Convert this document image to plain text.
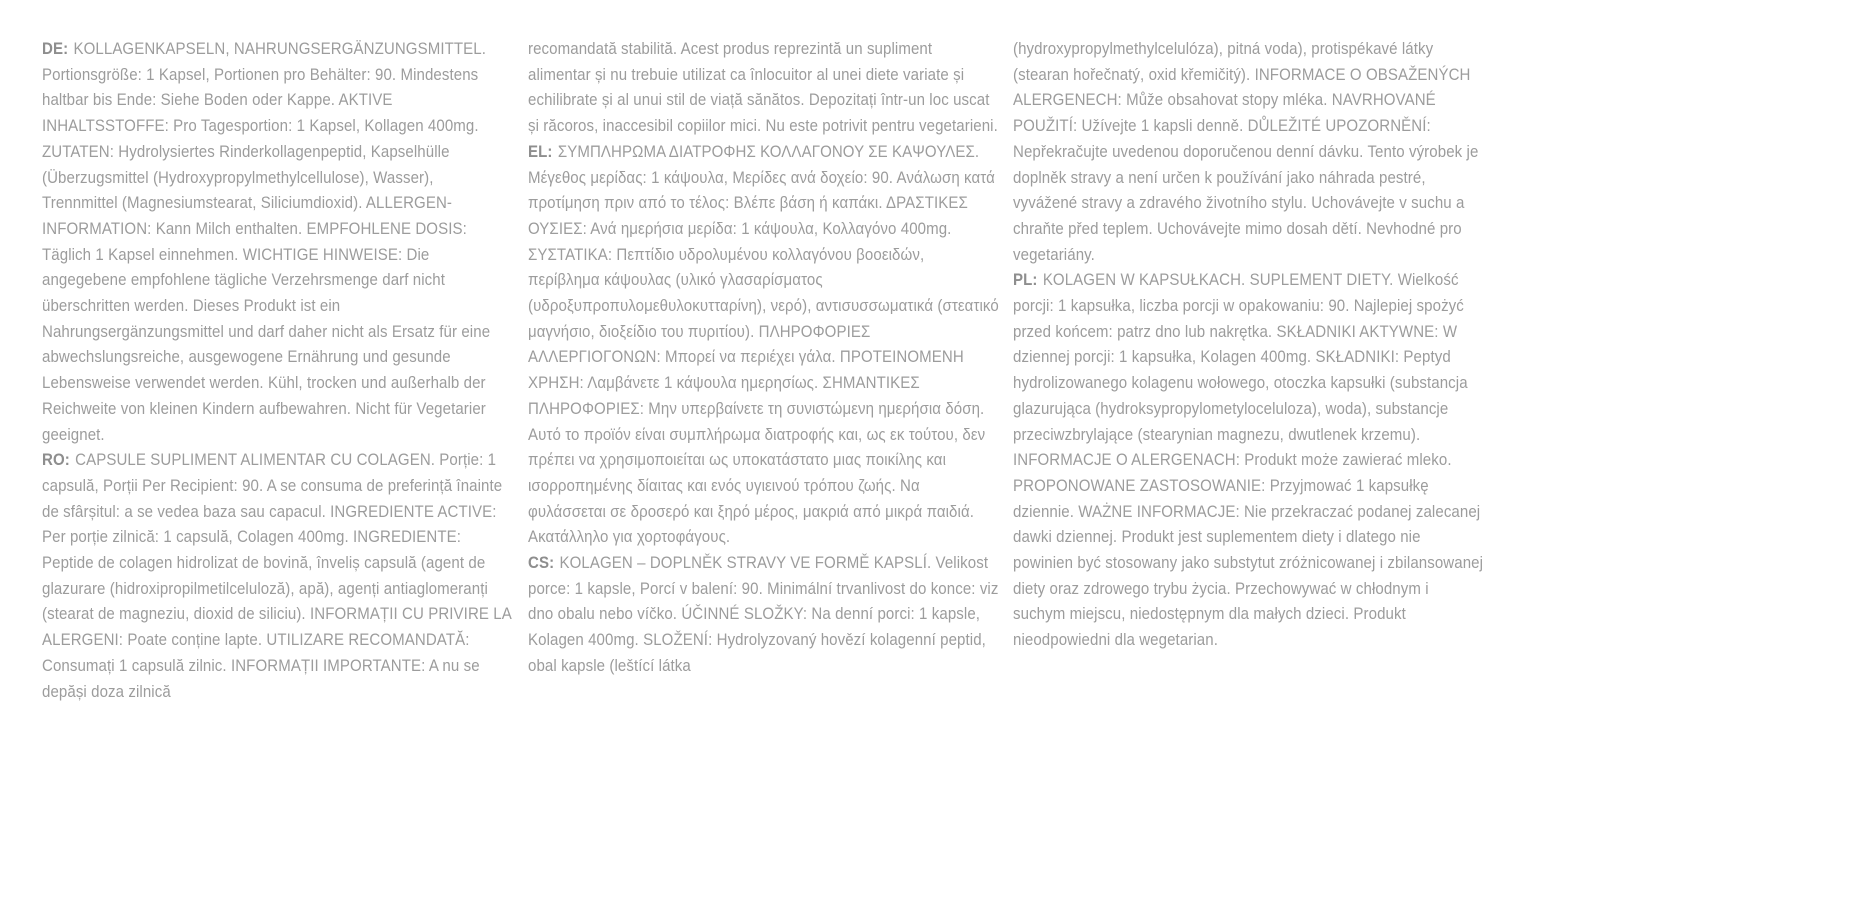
DE: KOLLAGENKAPSELN, NAHRUNGSERGÄNZUNGSMITTEL. Portionsgröße: 1 Kapsel, Portionen pro Behälter: 90. Mindestens haltbar bis Ende: Siehe Boden oder Kappe. AKTIVE INHALTSSTOFFE: Pro Tagesportion: 1 Kapsel, Kollagen 400mg. ZUTATEN: Hydrolysiertes Rinderkollagenpeptid, Kapselhülle (Überzugsmittel (Hydroxypropylmethylcellulose), Wasser), Trennmittel (Magnesiumstearat, Siliciumdioxid). ALLERGEN-INFORMATION: Kann Milch enthalten. EMPFOHLENE DOSIS: Täglich 1 Kapsel einnehmen. WICHTIGE HINWEISE: Die angegebene empfohlene tägliche Verzehrsmenge darf nicht überschritten werden. Dieses Produkt ist ein Nahrungsergänzungsmittel und darf daher nicht als Ersatz für eine abwechslungsreiche, ausgewogene Ernährung und gesunde Lebensweise verwendet werden. Kühl, trocken und außerhalb der Reichweite von kleinen Kindern aufbewahren. Nicht für Vegetarier geeignet.

RO: CAPSULE SUPLIMENT ALIMENTAR CU COLAGEN. Porție: 1 capsulă, Porții Per Recipient: 90. A se consuma de preferință înainte de sfârșitul: a se vedea baza sau capacul. INGREDIENTE ACTIVE: Per porție zilnică: 1 capsulă, Colagen 400mg. INGREDIENTE: Peptide de colagen hidrolizat de bovină, înveliș capsulă (agent de glazurare (hidroxipropilmetilceluloză), apă), agenți antiaglomeranți (stearat de magneziu, dioxid de siliciu). INFORMAȚII CU PRIVIRE LA ALERGENI: Poate conține lapte. UTILIZARE RECOMANDATĂ: Consumați 1 capsulă zilnic. INFORMAȚII IMPORTANTE: A nu se depăși doza zilnică

recomandată stabilită. Acest produs reprezintă un supliment alimentar și nu trebuie utilizat ca înlocuitor al unei diete variate și echilibrate și al unui stil de viață sănătos. Depozitați într-un loc uscat și răcoros, inaccesibil copiilor mici. Nu este potrivit pentru vegetarieni.

EL: ΣΥΜΠΛΗΡΩΜΑ ΔΙΑΤΡΟΦΗΣ ΚΟΛΛΑΓΟΝΟΥ ΣΕ ΚΑΨΟΥΛΕΣ. Μέγεθος μερίδας: 1 κάψουλα, Μερίδες ανά δοχείο: 90. Ανάλωση κατά προτίμηση πριν από το τέλος: Βλέπε βάση ή καπάκι. ΔΡΑΣΤΙΚΕΣ ΟΥΣΙΕΣ: Ανά ημερήσια μερίδα: 1 κάψουλα, Κολλαγόνο 400mg. ΣΥΣΤΑΤΙΚΑ: Πεπτίδιο υδρολυμένου κολλαγόνου βοοειδών, περίβλημα κάψουλας (υλικό γλασαρίσματος (υδροξυπροπυλομεθυλοκυτταρίνη), νερό), αντισυσσωματικά (στεατικό μαγνήσιο, διοξείδιο του πυριτίου). ΠΛΗΡΟΦΟΡΙΕΣ ΑΛΛΕΡΓΙΟΓΟΝΩΝ: Μπορεί να περιέχει γάλα. ΠΡΟΤΕΙΝΟΜΕΝΗ ΧΡΗΣΗ: Λαμβάνετε 1 κάψουλα ημερησίως. ΣΗΜΑΝΤΙΚΕΣ ΠΛΗΡΟΦΟΡΙΕΣ: Μην υπερβαίνετε τη συνιστώμενη ημερήσια δόση. Αυτό το προϊόν είναι συμπλήρωμα διατροφής και, ως εκ τούτου, δεν πρέπει να χρησιμοποιείται ως υποκατάστατο μιας ποικίλης και ισορροπημένης δίαιτας και ενός υγιεινού τρόπου ζωής. Να φυλάσσεται σε δροσερό και ξηρό μέρος, μακριά από μικρά παιδιά. Ακατάλληλο για χορτοφάγους.

CS: KOLAGEN – DOPLNĚK STRAVY VE FORMĚ KAPSLÍ. Velikost porce: 1 kapsle, Porcí v balení: 90. Minimální trvanlivost do konce: viz dno obalu nebo víčko. ÚČINNÉ SLOŽKY: Na denní porci: 1 kapsle, Kolagen 400mg. SLOŽENÍ: Hydrolyzovaný hovězí kolagenní peptid, obal kapsle (leštící látka

(hydroxypropylmethylcelulóza), pitná voda), protispékavé látky (stearan hořečnatý, oxid křemičitý). INFORMACE O OBSAŽENÝCH ALERGENECH: Může obsahovat stopy mléka. NAVRHOVANÉ POUŽITÍ: Užívejte 1 kapsli denně. DŮLEŽITÉ UPOZORNĚNÍ: Nepřekračujte uvedenou doporučenou denní dávku. Tento výrobek je doplněk stravy a není určen k používání jako náhrada pestré, vyvážené stravy a zdravého životního stylu. Uchovávejte v suchu a chraňte před teplem. Uchovávejte mimo dosah dětí. Nevhodné pro vegetariány.

PL: KOLAGEN W KAPSUŁKACH. SUPLEMENT DIETY. Wielkość porcji: 1 kapsułka, liczba porcji w opakowaniu: 90. Najlepiej spożyć przed końcem: patrz dno lub nakrętka. SKŁADNIKI AKTYWNE: W dziennej porcji: 1 kapsułka, Kolagen 400mg. SKŁADNIKI: Peptyd hydrolizowanego kolagenu wołowego, otoczka kapsułki (substancja glazurująca (hydroksypropylometyloceluloza), woda), substancje przeciwzbrylające (stearynian magnezu, dwutlenek krzemu). INFORMACJE O ALERGENACH: Produkt może zawierać mleko. PROPONOWANE ZASTOSOWANIE: Przyjmować 1 kapsułkę dziennie. WAŻNE INFORMACJE: Nie przekraczać podanej zalecanej dawki dziennej. Produkt jest suplementem diety i dlatego nie powinien być stosowany jako substytut zróżnicowanej i zbilansowanej diety oraz zdrowego trybu życia. Przechowywać w chłodnym i suchym miejscu, niedostępnym dla małych dzieci. Produkt nieodpowiedni dla wegetarian.
